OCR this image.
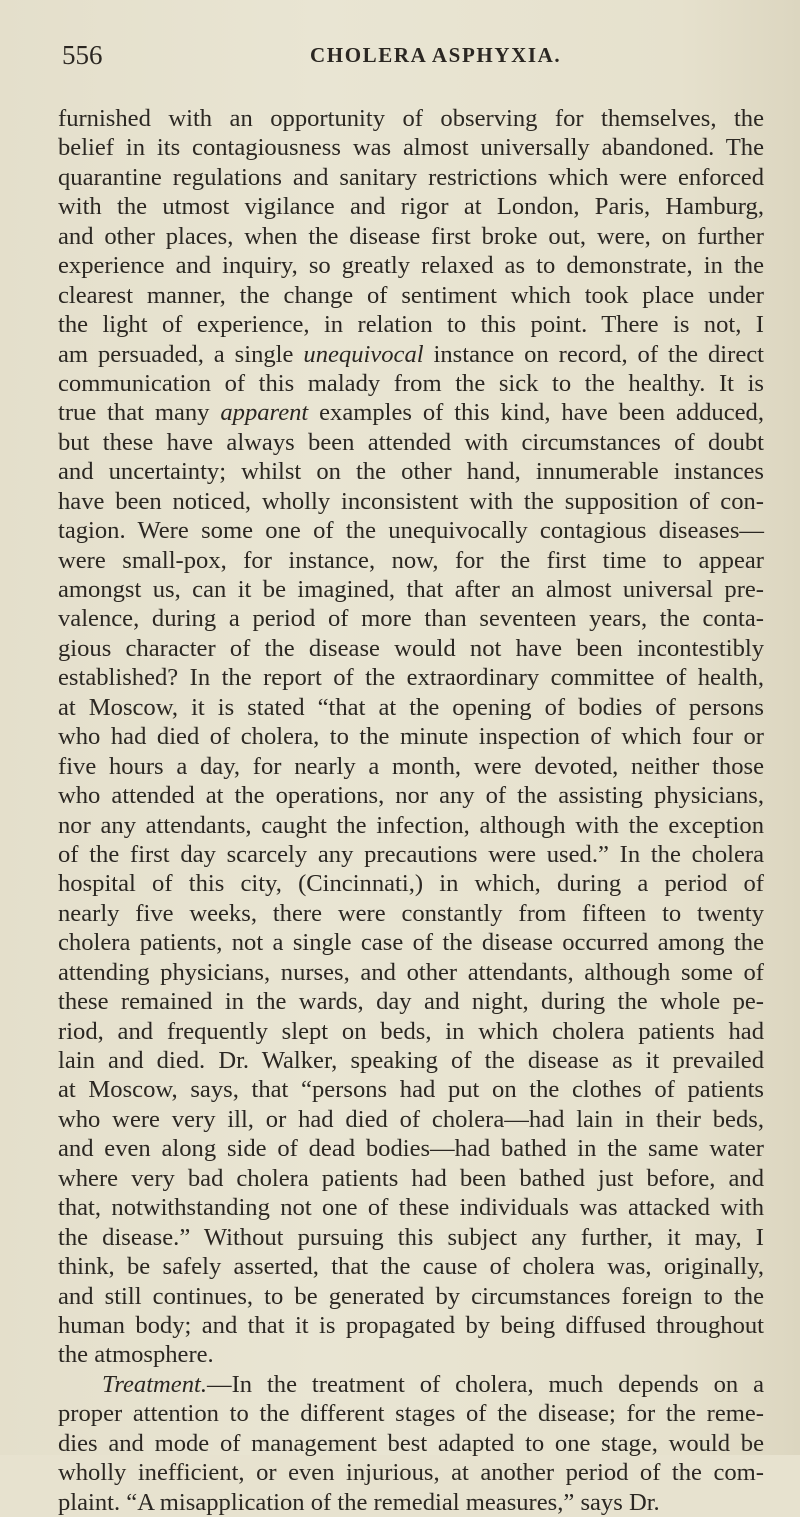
556	CHOLERA ASPHYXIA.
furnished with an opportunity of observing for themselves, the
belief in its contagiousness was almost universally abandoned. The
quarantine regulations and sanitary restrictions which were enforced
with the utmost vigilance and rigor at London, Paris, Hamburg,
and other places, when the disease first broke out, were, on further
experience and inquiry, so greatly relaxed as to demonstrate, in the
clearest manner, the change of sentiment which took place under
the light of experience, in relation to this point. There is not, I
am persuaded, a single unequivocal instance on record, of the direct
communication of this malady from the sick to the healthy. It is
true that many apparent examples of this kind, have been adduced,
but these have always been attended with circumstances of doubt
and uncertainty; whilst on the other hand, innumerable instances
have been noticed, wholly inconsistent with the supposition of con-
tagion. Were some one of the unequivocally contagious diseases—
were small-pox, for instance, now, for the first time to appear
amongst us, can it be imagined, that after an almost universal pre-
valence, during a period of more than seventeen years, the conta-
gious character of the disease would not have been incontestibly
established? In the report of the extraordinary committee of health,
at Moscow, it is stated “that at the opening of bodies of persons
who had died of cholera, to the minute inspection of which four or
five hours a day, for nearly a month, were devoted, neither those
who attended at the operations, nor any of the assisting physicians,
nor any attendants, caught the infection, although with the exception
of the first day scarcely any precautions were used.” In the cholera
hospital of this city, (Cincinnati,) in which, during a period of
nearly five weeks, there were constantly from fifteen to twenty
cholera patients, not a single case of the disease occurred among the
attending physicians, nurses, and other attendants, although some of
these remained in the wards, day and night, during the whole pe-
riod, and frequently slept on beds, in which cholera patients had
lain and died. Dr. Walker, speaking of the disease as it prevailed
at Moscow, says, that “persons had put on the clothes of patients
who were very ill, or had died of cholera—had lain in their beds,
and even along side of dead bodies—had bathed in the same water
where very bad cholera patients had been bathed just before, and
that, notwithstanding not one of these individuals was attacked with
the disease.” Without pursuing this subject any further, it may, I
think, be safely asserted, that the cause of cholera was, originally,
and still continues, to be generated by circumstances foreign to the
human body; and that it is propagated by being diffused throughout
the atmosphere.
Treatment.—In the treatment of cholera, much depends on a
proper attention to the different stages of the disease; for the reme-
dies and mode of management best adapted to one stage, would be
wholly inefficient, or even injurious, at another period of the com-
plaint. “A misapplication of the remedial measures,” says Dr.
